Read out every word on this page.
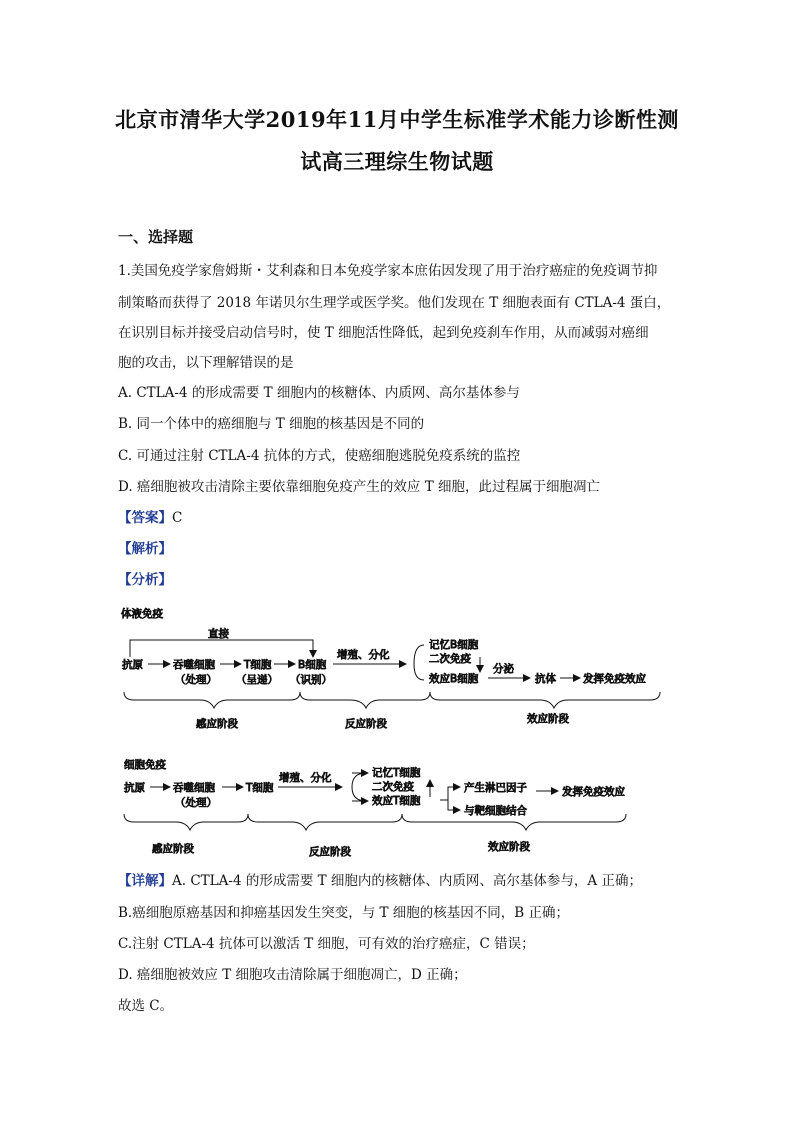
北京市清华大学2019年11月中学生标准学术能力诊断性测
试高三理综生物试题
一、选择题
1.美国免疫学家詹姆斯・艾利森和日本免疫学家本庶佑因发现了用于治疗癌症的免疫调节抑
制策略而获得了 2018 年诺贝尔生理学或医学奖。他们发现在 T 细胞表面有 CTLA-4 蛋白，
在识别目标并接受启动信号时，使 T 细胞活性降低，起到免疫刹车作用，从而减弱对癌细
胞的攻击，以下理解错误的是
A. CTLA-4 的形成需要 T 细胞内的核糖体、内质网、高尔基体参与
B. 同一个体中的癌细胞与 T 细胞的核基因是不同的
C. 可通过注射 CTLA-4 抗体的方式，使癌细胞逃脱免疫系统的监控
D. 癌细胞被攻击清除主要依靠细胞免疫产生的效应 T 细胞，此过程属于细胞凋亡
【答案】C
【解析】
【分析】
体液免疫
直接
抗原	吞噬细胞
（处理）
T细胞
（呈递）
B细胞
（识别）
增殖、分化
记忆B细胞
二次免疫
效应B细胞
分泌
抗体	发挥免疫效应
感应阶段	反应阶段	效应阶段
细胞免疫
抗原	吞噬细胞
（处理）
T细胞
增殖、分化	记忆T细胞
二次免疫
效应T细胞
产生淋巴因子
与靶细胞结合
发挥免疫效应
感应阶段	反应阶段	效应阶段
【详解】A. CTLA-4 的形成需要 T 细胞内的核糖体、内质网、高尔基体参与，A 正确；
B.癌细胞原癌基因和抑癌基因发生突变，与 T 细胞的核基因不同，B 正确；
C.注射 CTLA-4 抗体可以激活 T 细胞，可有效的治疗癌症，C 错误；
D. 癌细胞被效应 T 细胞攻击清除属于细胞凋亡，D 正确；
故选 C。
